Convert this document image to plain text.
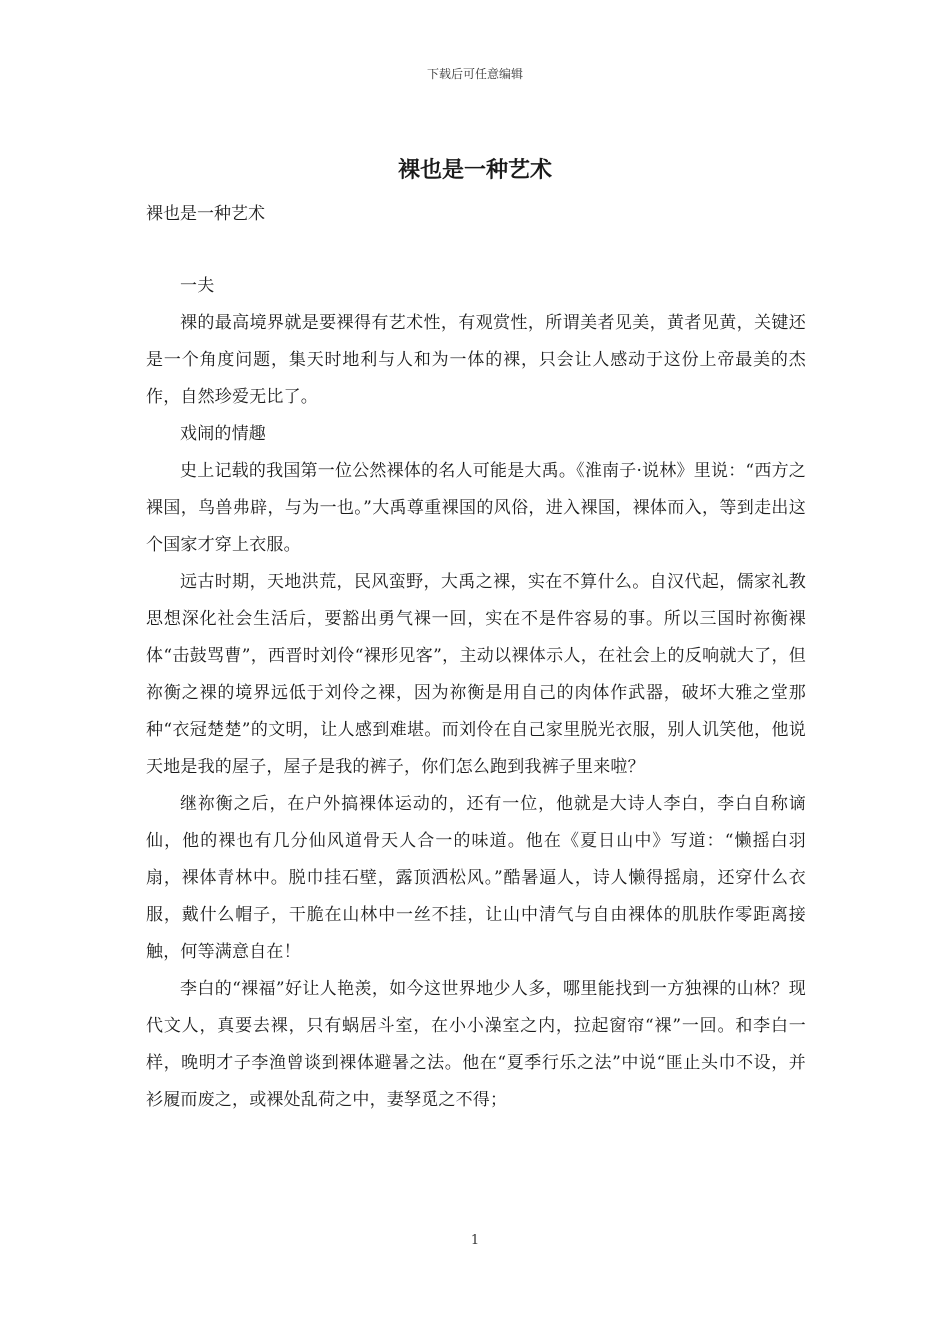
下载后可任意编辑
裸也是一种艺术

裸也是一种艺术

一夫

裸的最高境界就是要裸得有艺术性，有观赏性，所谓美者见美，黄者见黄，关键还是一个角度问题，集天时地利与人和为一体的裸，只会让人感动于这份上帝最美的杰作，自然珍爱无比了。

戏闹的情趣

史上记载的我国第一位公然裸体的名人可能是大禹。《淮南子·说林》里说：“西方之裸国，鸟兽弗辟，与为一也。”大禹尊重裸国的风俗，进入裸国，裸体而入，等到走出这个国家才穿上衣服。

远古时期，天地洪荒，民风蛮野，大禹之裸，实在不算什么。自汉代起，儒家礼教思想深化社会生活后，要豁出勇气裸一回，实在不是件容易的事。所以三国时祢衡裸体“击鼓骂曹”，西晋时刘伶“裸形见客”，主动以裸体示人，在社会上的反响就大了，但祢衡之裸的境界远低于刘伶之裸，因为祢衡是用自己的肉体作武器，破坏大雅之堂那种“衣冠楚楚”的文明，让人感到难堪。而刘伶在自己家里脱光衣服，别人讥笑他，他说天地是我的屋子，屋子是我的裤子，你们怎么跑到我裤子里来啦？

继祢衡之后，在户外搞裸体运动的，还有一位，他就是大诗人李白，李白自称谪仙，他的裸也有几分仙风道骨天人合一的味道。他在《夏日山中》写道：“懒摇白羽扇，裸体青林中。脱巾挂石壁，露顶洒松风。”酷暑逼人，诗人懒得摇扇，还穿什么衣服，戴什么帽子，干脆在山林中一丝不挂，让山中清气与自由裸体的肌肤作零距离接触，何等满意自在！

李白的“裸福”好让人艳羡，如今这世界地少人多，哪里能找到一方独裸的山林？现代文人，真要去裸，只有蜗居斗室，在小小澡室之内，拉起窗帘“裸”一回。和李白一样，晚明才子李渔曾谈到裸体避暑之法。他在“夏季行乐之法”中说“匪止头巾不设，并衫履而废之，或裸处乱荷之中，妻孥觅之不得；

1
